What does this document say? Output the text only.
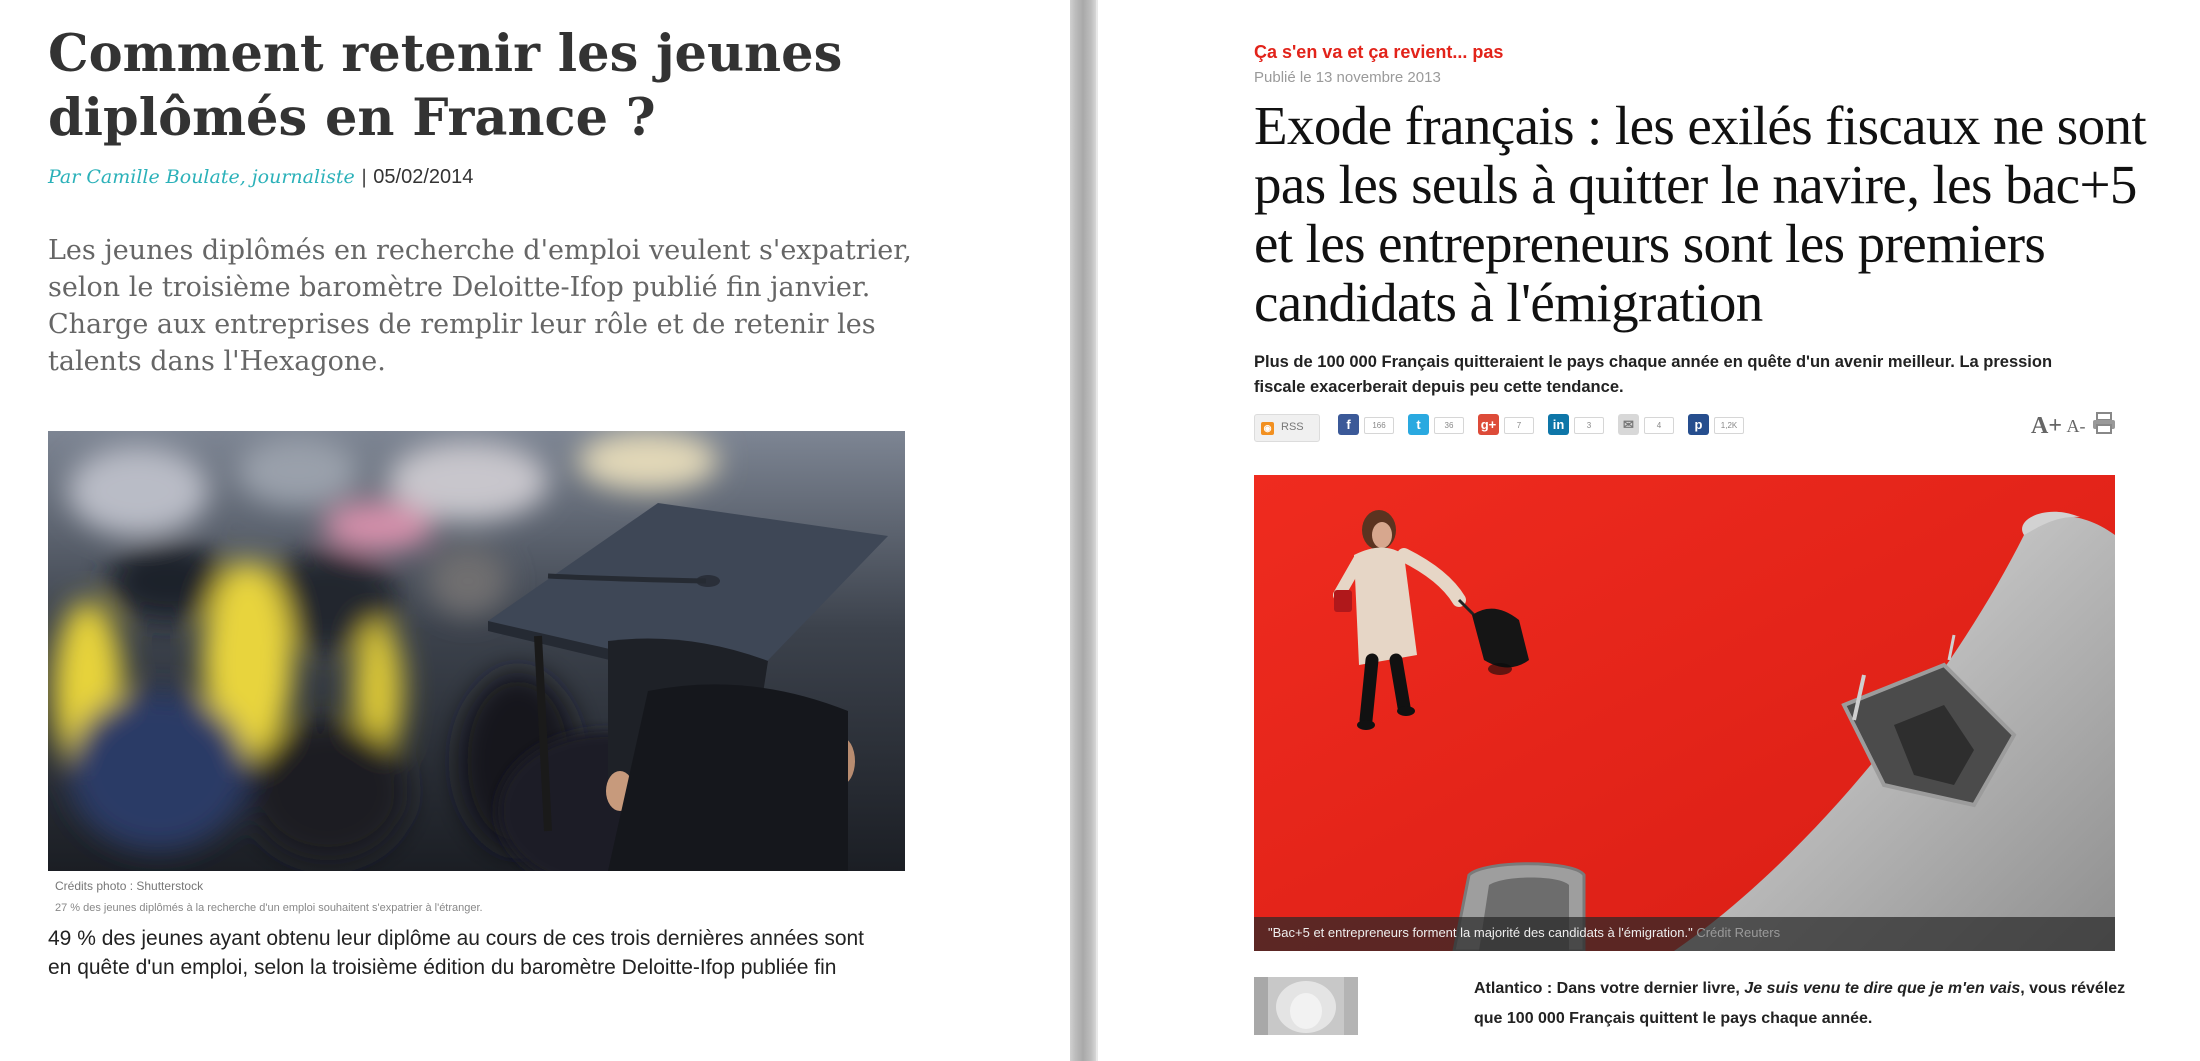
Comment retenir les jeunes diplômés en France ?
Par Camille Boulate, journaliste | 05/02/2014

Les jeunes diplômés en recherche d'emploi veulent s'expatrier, selon le troisième baromètre Deloitte-Ifop publié fin janvier. Charge aux entreprises de remplir leur rôle et de retenir les talents dans l'Hexagone.

Crédits photo : Shutterstock
27 % des jeunes diplômés à la recherche d'un emploi souhaitent s'expatrier à l'étranger.

49 % des jeunes ayant obtenu leur diplôme au cours de ces trois dernières années sont
en quête d'un emploi, selon la troisième édition du baromètre Deloitte-Ifop publiée fin

Ça s'en va et ça revient... pas
Publié le 13 novembre 2013
Exode français : les exilés fiscaux ne sont pas les seuls à quitter le navire, les bac+5 et les entrepreneurs sont les premiers candidats à l'émigration

Plus de 100 000 Français quitteraient le pays chaque année en quête d'un avenir meilleur. La pression fiscale exacerberait depuis peu cette tendance.

◉ RSS	f	166	t	36	g+	7	in	3	✉	4	p	1,2K	A+ A-
"Bac+5 et entrepreneurs forment la majorité des candidats à l'émigration." Crédit Reuters

Atlantico : Dans votre dernier livre, Je suis venu te dire que je m'en vais, vous révélez que 100 000 Français quittent le pays chaque année.
